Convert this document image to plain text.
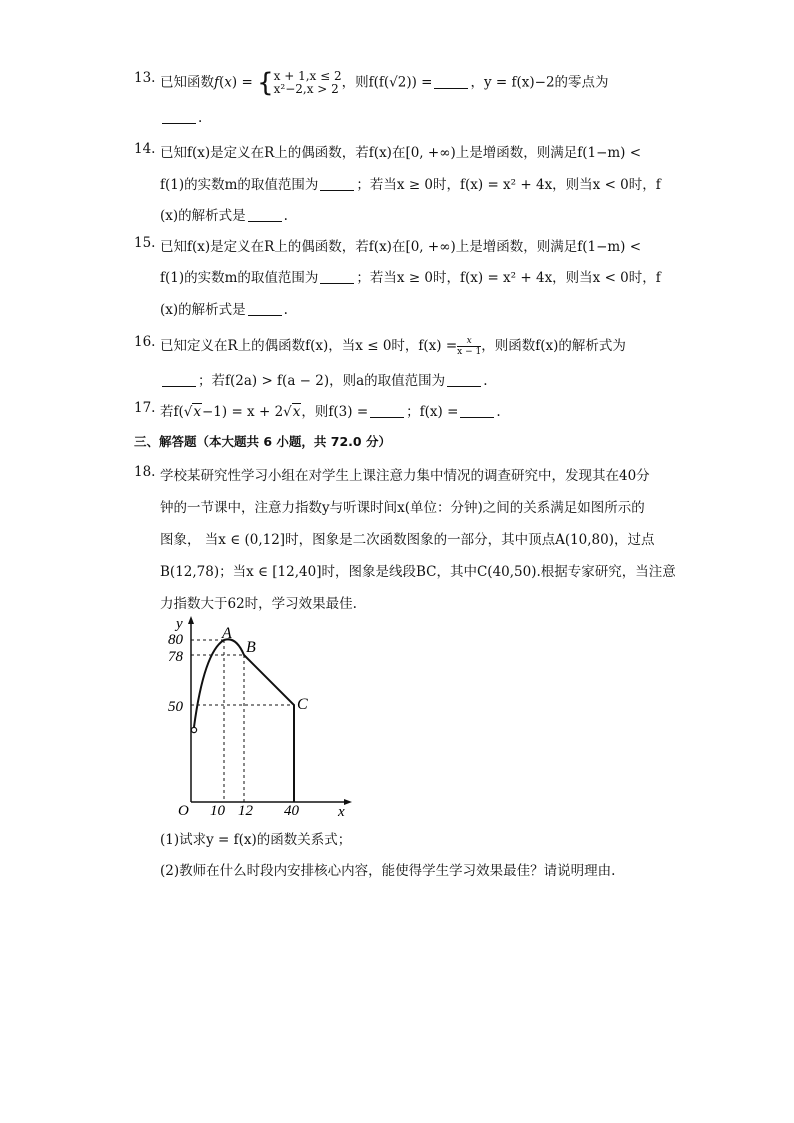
13. 已知函数f(x) = { x + 1,x ≤ 2
x²−2,x > 2 ，则f(f(√2)) =	，y = f(x)−2的零点为
.
14. 已知f(x)是定义在R上的偶函数，若f(x)在[0, +∞)上是增函数，则满足f(1−m) <
f(1)的实数m的取值范围为	；若当x ≥ 0时，f(x) = x² + 4x，则当x < 0时，f
(x)的解析式是	.
15. 已知f(x)是定义在R上的偶函数，若f(x)在[0, +∞)上是增函数，则满足f(1−m) <
f(1)的实数m的取值范围为	；若当x ≥ 0时，f(x) = x² + 4x，则当x < 0时，f
(x)的解析式是	.
16. 已知定义在R上的偶函数f(x)，当x ≤ 0时，$f(x) = \frac{x}{x - 1}$ ，则函数f(x)的解析式为
；若f(2a) > f(a − 2)，则a的取值范围为	.
17. 若f(√x−1) = x + 2√x，则f(3) =	；f(x) =	.
三、解答题（本大题共 6 小题，共 72.0 分）
18. 学校某研究性学习小组在对学生上课注意力集中情况的调查研究中，发现其在40分
钟的一节课中，注意力指数y与听课时间x(单位：分钟)之间的关系满足如图所示的
图象， 当x ∈ (0,12]时，图象是二次函数图象的一部分，其中顶点A(10,80)，过点
B(12,78)；当x ∈ [12,40]时，图象是线段BC，其中C(40,50).根据专家研究，当注意
力指数大于62时，学习效果最佳.
y
x
O
80
78
50
10 12 40
A
B
C
(1)试求y = f(x)的函数关系式；
(2)教师在什么时段内安排核心内容，能使得学生学习效果最佳？请说明理由.
